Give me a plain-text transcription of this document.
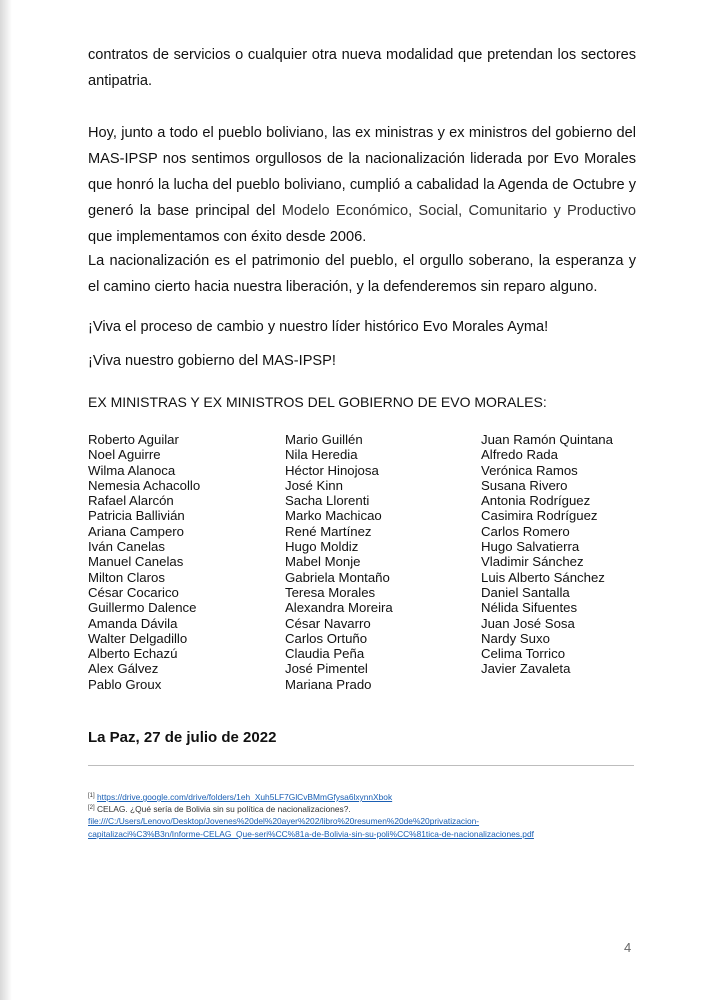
contratos de servicios o cualquier otra nueva modalidad que pretendan los sectores antipatria.

Hoy, junto a todo el pueblo boliviano, las ex ministras y ex ministros del gobierno del MAS-IPSP nos sentimos orgullosos de la nacionalización liderada por Evo Morales que honró la lucha del pueblo boliviano, cumplió a cabalidad la Agenda de Octubre y generó la base principal del Modelo Económico, Social, Comunitario y Productivo que implementamos con éxito desde 2006.

La nacionalización es el patrimonio del pueblo, el orgullo soberano, la esperanza y el camino cierto hacia nuestra liberación, y la defenderemos sin reparo alguno.

¡Viva el proceso de cambio y nuestro líder histórico Evo Morales Ayma!

¡Viva nuestro gobierno del MAS-IPSP!

EX MINISTRAS Y EX MINISTROS DEL GOBIERNO DE EVO MORALES:

Roberto Aguilar
Noel Aguirre
Wilma Alanoca
Nemesia Achacollo
Rafael Alarcón
Patricia Ballivián
Ariana Campero
Iván Canelas
Manuel Canelas
Milton Claros
César Cocarico
Guillermo Dalence
Amanda Dávila
Walter Delgadillo
Alberto Echazú
Alex Gálvez
Pablo Groux
Mario Guillén
Nila Heredia
Héctor Hinojosa
José Kinn
Sacha Llorenti
Marko Machicao
René Martínez
Hugo Moldiz
Mabel Monje
Gabriela Montaño
Teresa Morales
Alexandra Moreira
César Navarro
Carlos Ortuño
Claudia Peña
José Pimentel
Mariana Prado
Juan Ramón Quintana
Alfredo Rada
Verónica Ramos
Susana Rivero
Antonia Rodríguez
Casimira Rodríguez
Carlos Romero
Hugo Salvatierra
Vladimir Sánchez
Luis Alberto Sánchez
Daniel Santalla
Nélida Sifuentes
Juan José Sosa
Nardy Suxo
Celima Torrico
Javier Zavaleta

La Paz, 27 de julio de 2022

[1] https://drive.google.com/drive/folders/1eh_Xuh5LF7GlCvBMmGfysa6lxynnXbok
[2] CELAG. ¿Qué sería de Bolivia sin su política de nacionalizaciones?.
file:///C:/Users/Lenovo/Desktop/Jovenes%20del%20ayer%202/libro%20resumen%20de%20privatizacion-
capitalizaci%C3%B3n/Informe-CELAG_Que-seri%CC%81a-de-Bolivia-sin-su-poli%CC%81tica-de-nacionalizaciones.pdf
4
